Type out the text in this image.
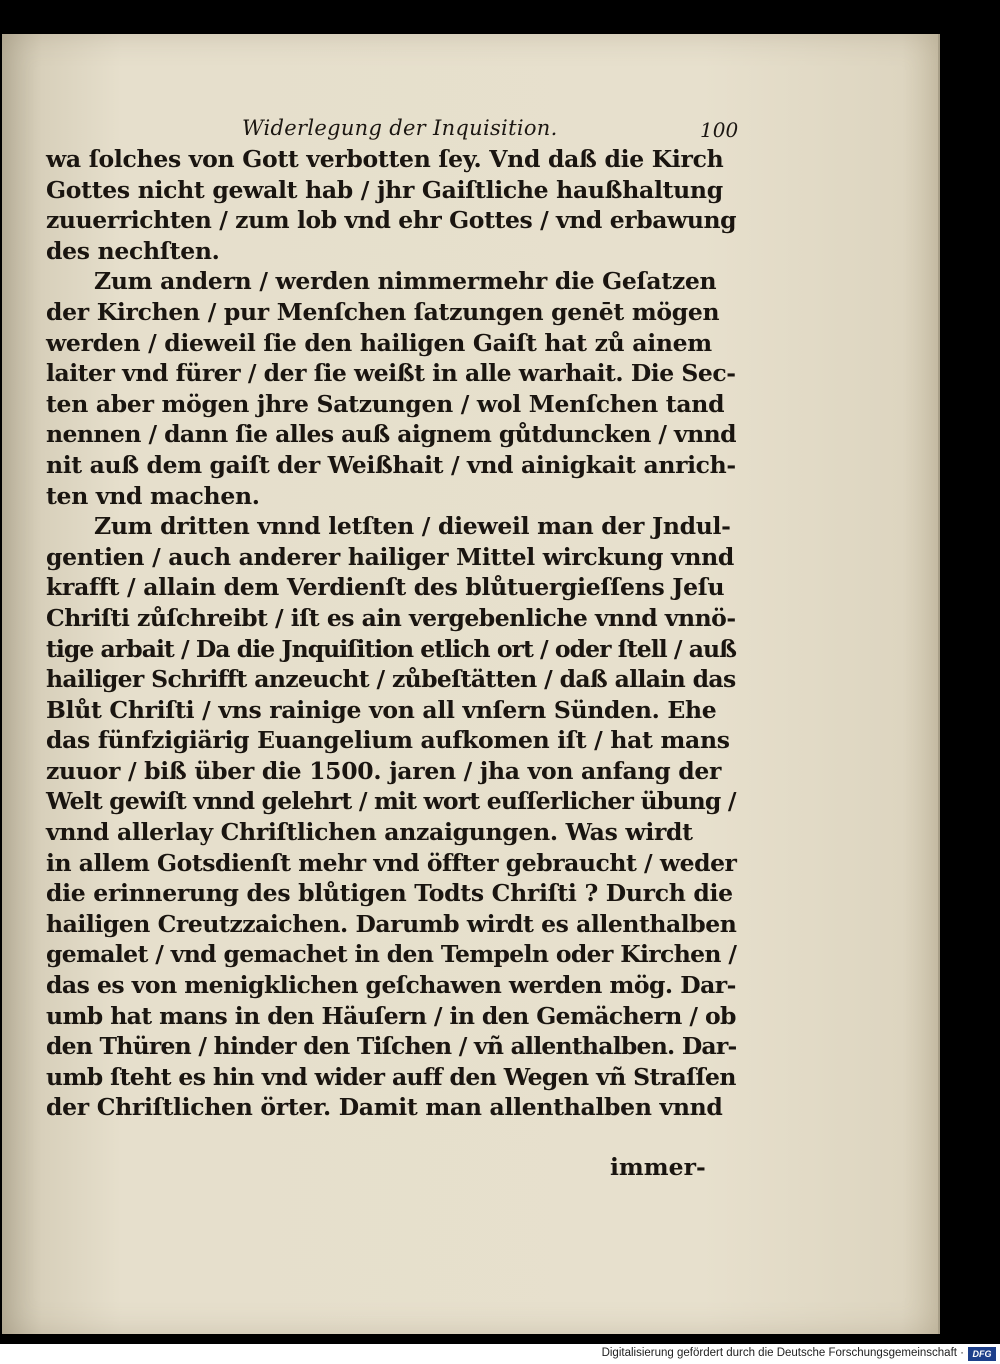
Widerlegung der Inquisition.	100
wa ſolches von Gott verbotten ſey. Vnd daß die Kirch
Gottes nicht gewalt hab / jhr Gaiſtliche haußhaltung
zuuerrichten / zum lob vnd ehr Gottes / vnd erbawung
des nechſten.
Zum andern / werden nimmermehr die Geſatzen
der Kirchen / pur Menſchen ſatzungen genēt mögen
werden / dieweil ſie den hailigen Gaiſt hat zů ainem
laiter vnd fürer / der ſie weißt in alle warhait. Die Sec-
ten aber mögen jhre Satzungen / wol Menſchen tand
nennen / dann ſie alles auß aignem gůtduncken / vnnd
nit auß dem gaiſt der Weißhait / vnd ainigkait anrich-
ten vnd machen.
Zum dritten vnnd letſten / dieweil man der Jndul-
gentien / auch anderer hailiger Mittel wirckung vnnd
krafft / allain dem Verdienſt des blůtuergieſſens Jeſu
Chriſti zůſchreibt / iſt es ain vergebenliche vnnd vnnö-
tige arbait / Da die Jnquiſition etlich ort / oder ſtell / auß
hailiger Schrifft anzeucht / zůbeſtätten / daß allain das
Blůt Chriſti / vns rainige von all vnſern Sünden. Ehe
das fünfzigiärig Euangelium aufkomen iſt / hat mans
zuuor / biß über die 1500. jaren / jha von anfang der
Welt gewiſt vnnd gelehrt / mit wort euſſerlicher übung /
vnnd allerlay Chriſtlichen anzaigungen. Was wirdt
in allem Gotsdienſt mehr vnd öffter gebraucht / weder
die erinnerung des blůtigen Todts Chriſti ? Durch die
hailigen Creutzzaichen. Darumb wirdt es allenthalben
gemalet / vnd gemachet in den Tempeln oder Kirchen /
das es von menigklichen geſchawen werden mög. Dar-
umb hat mans in den Häuſern / in den Gemächern / ob
den Thüren / hinder den Tiſchen / vñ allenthalben. Dar-
umb ſteht es hin vnd wider auff den Wegen vñ Straſſen
der Chriſtlichen örter. Damit man allenthalben vnnd
immer-
Digitalisierung gefördert durch die Deutsche Forschungsgemeinschaft · DFG
